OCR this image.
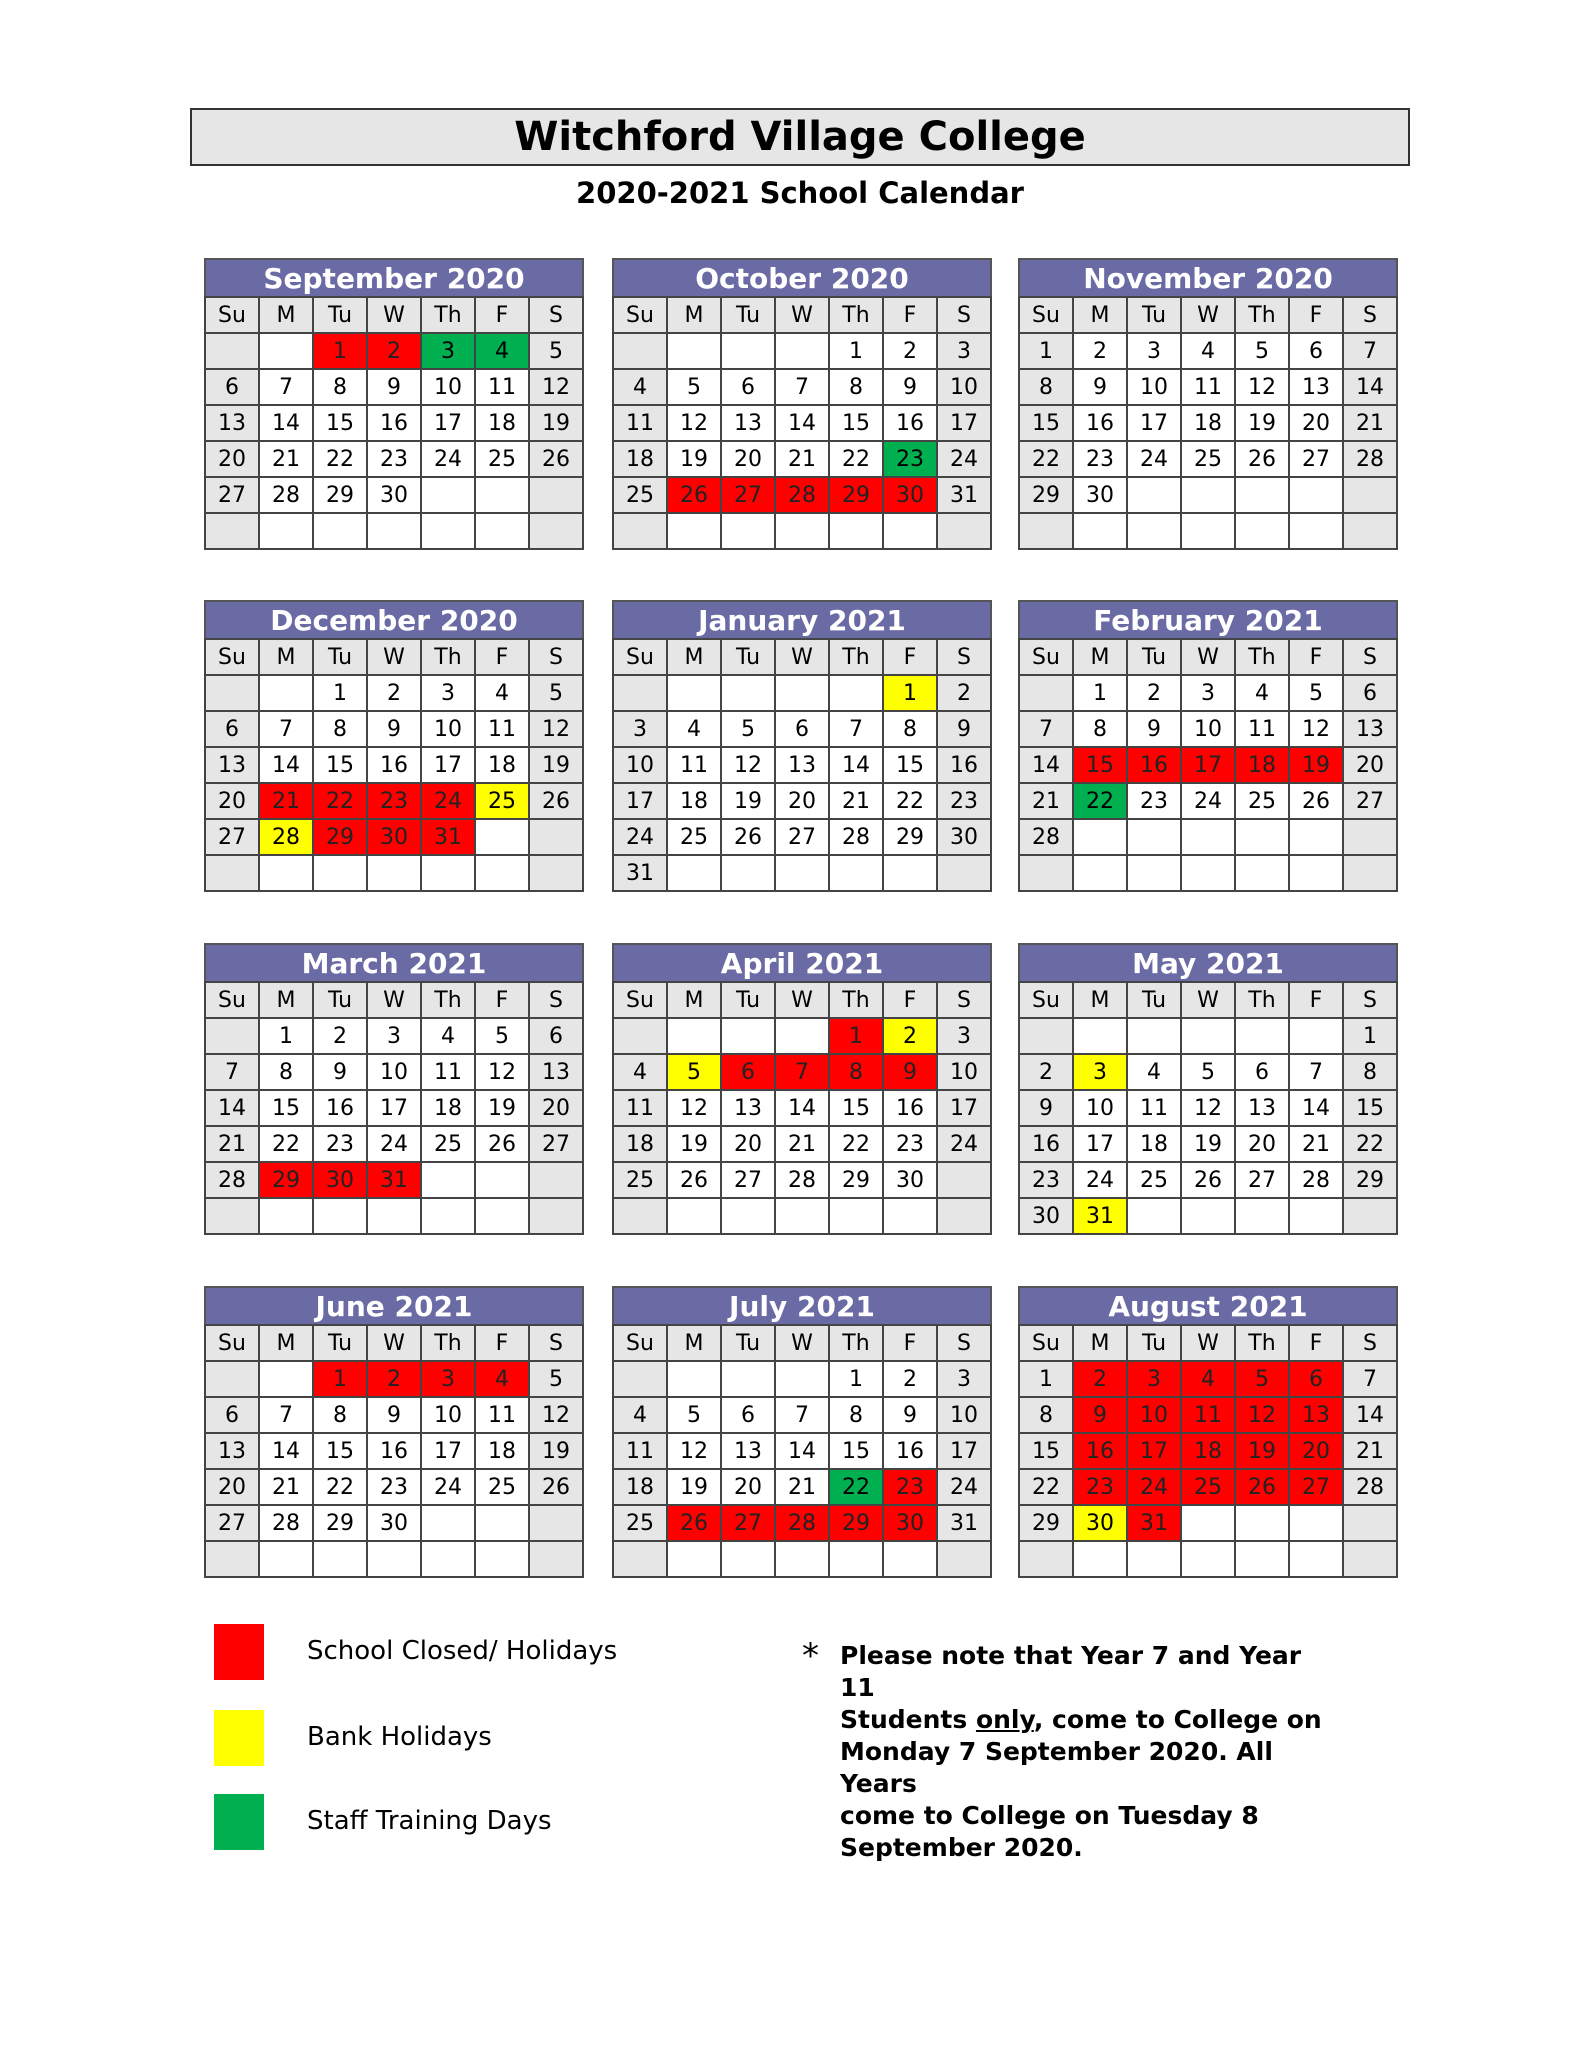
Witchford Village College
2020-2021 School Calendar
September 2020
Su	M	Tu	W	Th	F	S
		1	2	3	4	5
6	7	8	9	10	11	12
13	14	15	16	17	18	19
20	21	22	23	24	25	26
27	28	29	30			

October 2020
Su	M	Tu	W	Th	F	S
				1	2	3
4	5	6	7	8	9	10
11	12	13	14	15	16	17
18	19	20	21	22	23	24
25	26	27	28	29	30	31

November 2020
Su	M	Tu	W	Th	F	S
1	2	3	4	5	6	7
8	9	10	11	12	13	14
15	16	17	18	19	20	21
22	23	24	25	26	27	28
29	30					

December 2020
Su	M	Tu	W	Th	F	S
		1	2	3	4	5
6	7	8	9	10	11	12
13	14	15	16	17	18	19
20	21	22	23	24	25	26
27	28	29	30	31		

January 2021
Su	M	Tu	W	Th	F	S
					1	2
3	4	5	6	7	8	9
10	11	12	13	14	15	16
17	18	19	20	21	22	23
24	25	26	27	28	29	30
31						
February 2021
Su	M	Tu	W	Th	F	S
	1	2	3	4	5	6
7	8	9	10	11	12	13
14	15	16	17	18	19	20
21	22	23	24	25	26	27
28						

March 2021
Su	M	Tu	W	Th	F	S
	1	2	3	4	5	6
7	8	9	10	11	12	13
14	15	16	17	18	19	20
21	22	23	24	25	26	27
28	29	30	31			

April 2021
Su	M	Tu	W	Th	F	S
				1	2	3
4	5	6	7	8	9	10
11	12	13	14	15	16	17
18	19	20	21	22	23	24
25	26	27	28	29	30	

May 2021
Su	M	Tu	W	Th	F	S
						1
2	3	4	5	6	7	8
9	10	11	12	13	14	15
16	17	18	19	20	21	22
23	24	25	26	27	28	29
30	31					
June 2021
Su	M	Tu	W	Th	F	S
		1	2	3	4	5
6	7	8	9	10	11	12
13	14	15	16	17	18	19
20	21	22	23	24	25	26
27	28	29	30			

July 2021
Su	M	Tu	W	Th	F	S
				1	2	3
4	5	6	7	8	9	10
11	12	13	14	15	16	17
18	19	20	21	22	23	24
25	26	27	28	29	30	31

August 2021
Su	M	Tu	W	Th	F	S
1	2	3	4	5	6	7
8	9	10	11	12	13	14
15	16	17	18	19	20	21
22	23	24	25	26	27	28
29	30	31				

School Closed/ Holidays
Bank Holidays
Staff Training Days
* Please note that Year 7 and Year 11
Students only, come to College on
Monday 7 September 2020. All Years
come to College on Tuesday 8
September 2020.
